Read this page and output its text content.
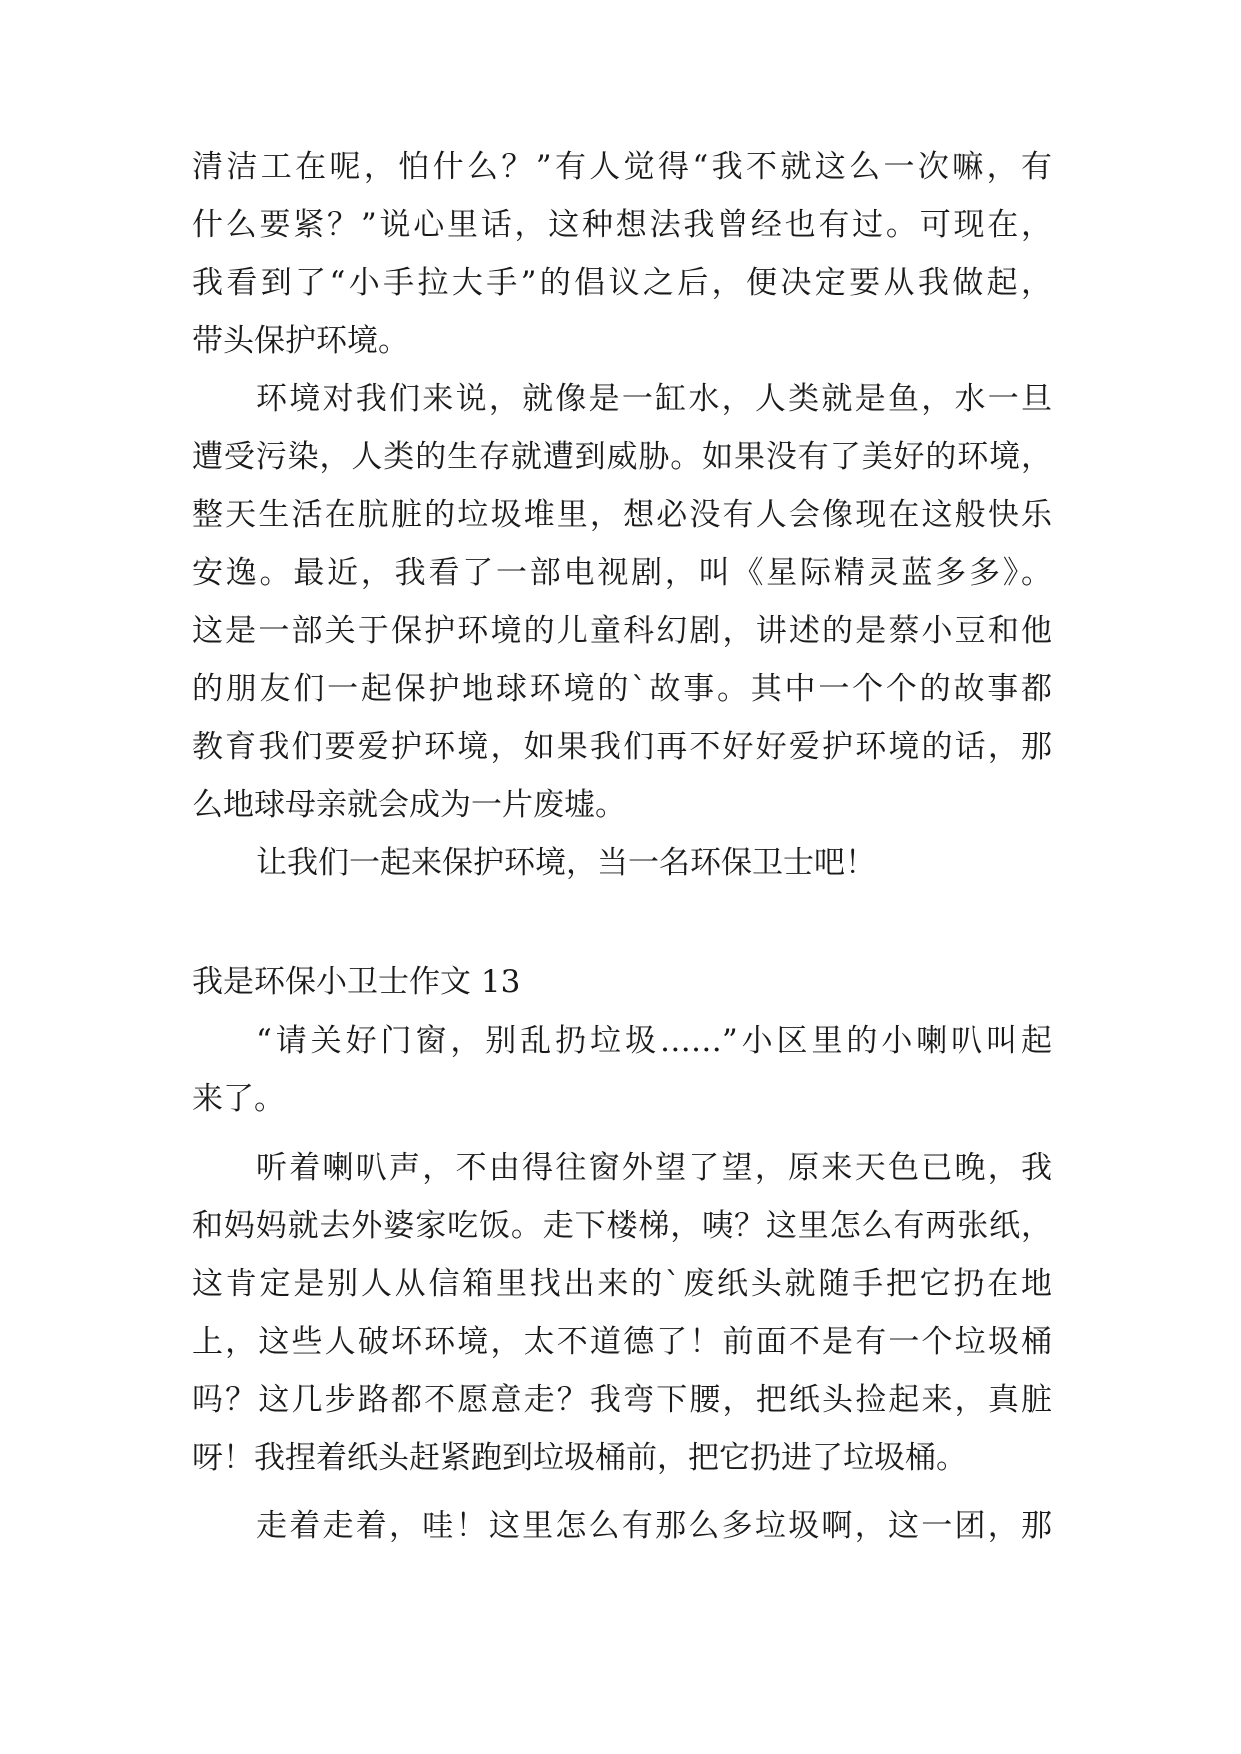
清洁工在呢，怕什么？”有人觉得“我不就这么一次嘛，有
什么要紧？”说心里话，这种想法我曾经也有过。可现在，
我看到了“小手拉大手”的倡议之后，便决定要从我做起，
带头保护环境。
环境对我们来说，就像是一缸水，人类就是鱼，水一旦
遭受污染，人类的生存就遭到威胁。如果没有了美好的环境，
整天生活在肮脏的垃圾堆里，想必没有人会像现在这般快乐
安逸。最近，我看了一部电视剧，叫《星际精灵蓝多多》。
这是一部关于保护环境的儿童科幻剧，讲述的是蔡小豆和他
的朋友们一起保护地球环境的`故事。其中一个个的故事都
教育我们要爱护环境，如果我们再不好好爱护环境的话，那
么地球母亲就会成为一片废墟。
让我们一起来保护环境，当一名环保卫士吧！
我是环保小卫士作文 13
“请关好门窗，别乱扔垃圾……”小区里的小喇叭叫起
来了。
听着喇叭声，不由得往窗外望了望，原来天色已晚，我
和妈妈就去外婆家吃饭。走下楼梯，咦？这里怎么有两张纸，
这肯定是别人从信箱里找出来的`废纸头就随手把它扔在地
上，这些人破坏环境，太不道德了！前面不是有一个垃圾桶
吗？这几步路都不愿意走？我弯下腰，把纸头捡起来，真脏
呀！我捏着纸头赶紧跑到垃圾桶前，把它扔进了垃圾桶。
走着走着，哇！这里怎么有那么多垃圾啊，这一团，那
